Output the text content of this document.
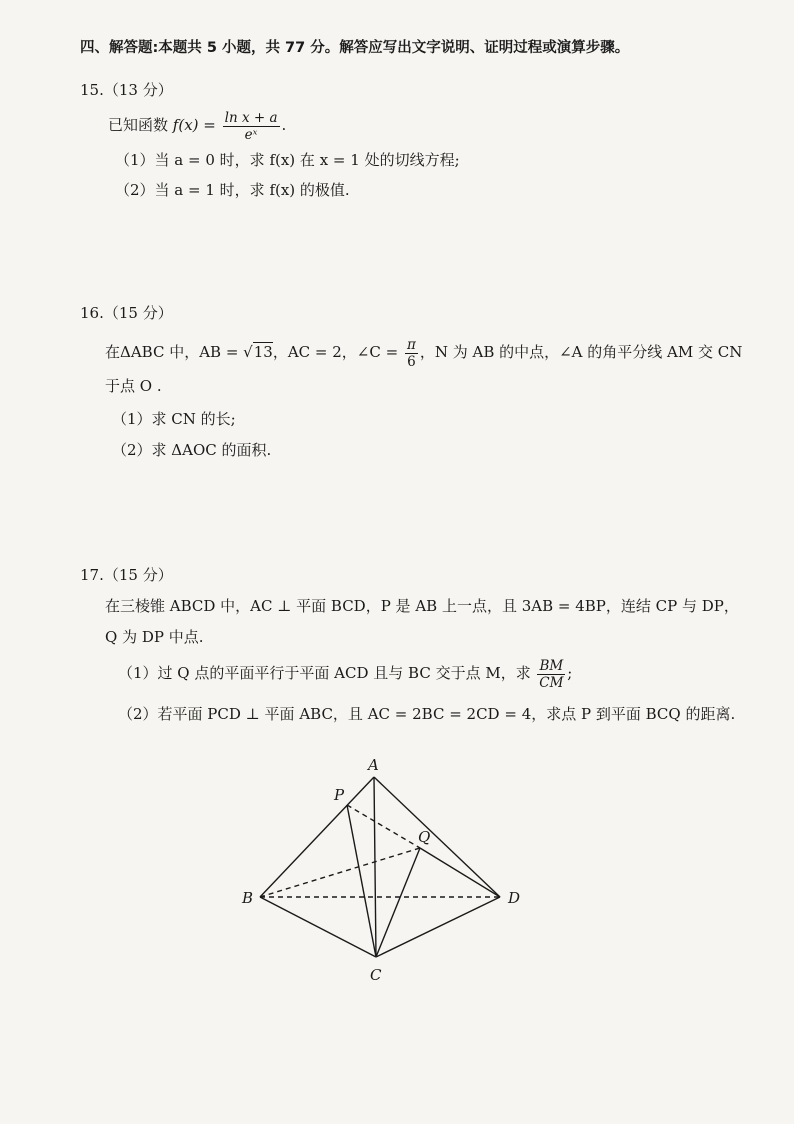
四、解答题:本题共 5 小题，共 77 分。解答应写出文字说明、证明过程或演算步骤。
15.（13 分）
已知函数 $f(x) = \frac{\text{ln x + a}}{\text{eˣ}}$ .
（1）当 a = 0 时，求 f(x) 在 x = 1 处的切线方程;
（2）当 a = 1 时，求 f(x) 的极值.
16.（15 分）
在ΔABC 中，AB = √13，AC = 2，∠C = $\frac{\pi}{6}$ ，N 为 AB 的中点，∠A 的角平分线 AM 交 CN
于点 O .
（1）求 CN 的长;
（2）求 ΔAOC 的面积.
17.（15 分）
在三棱锥 ABCD 中，AC ⊥ 平面 BCD，P 是 AB 上一点，且 3AB = 4BP，连结 CP 与 DP，
Q 为 DP 中点.
（1）过 Q 点的平面平行于平面 ACD 且与 BC 交于点 M，求 $\frac{BM}{CM}$ ;
（2）若平面 PCD ⊥ 平面 ABC，且 AC = 2BC = 2CD = 4，求点 P 到平面 BCQ 的距离.
A
P
Q
B
C
D
